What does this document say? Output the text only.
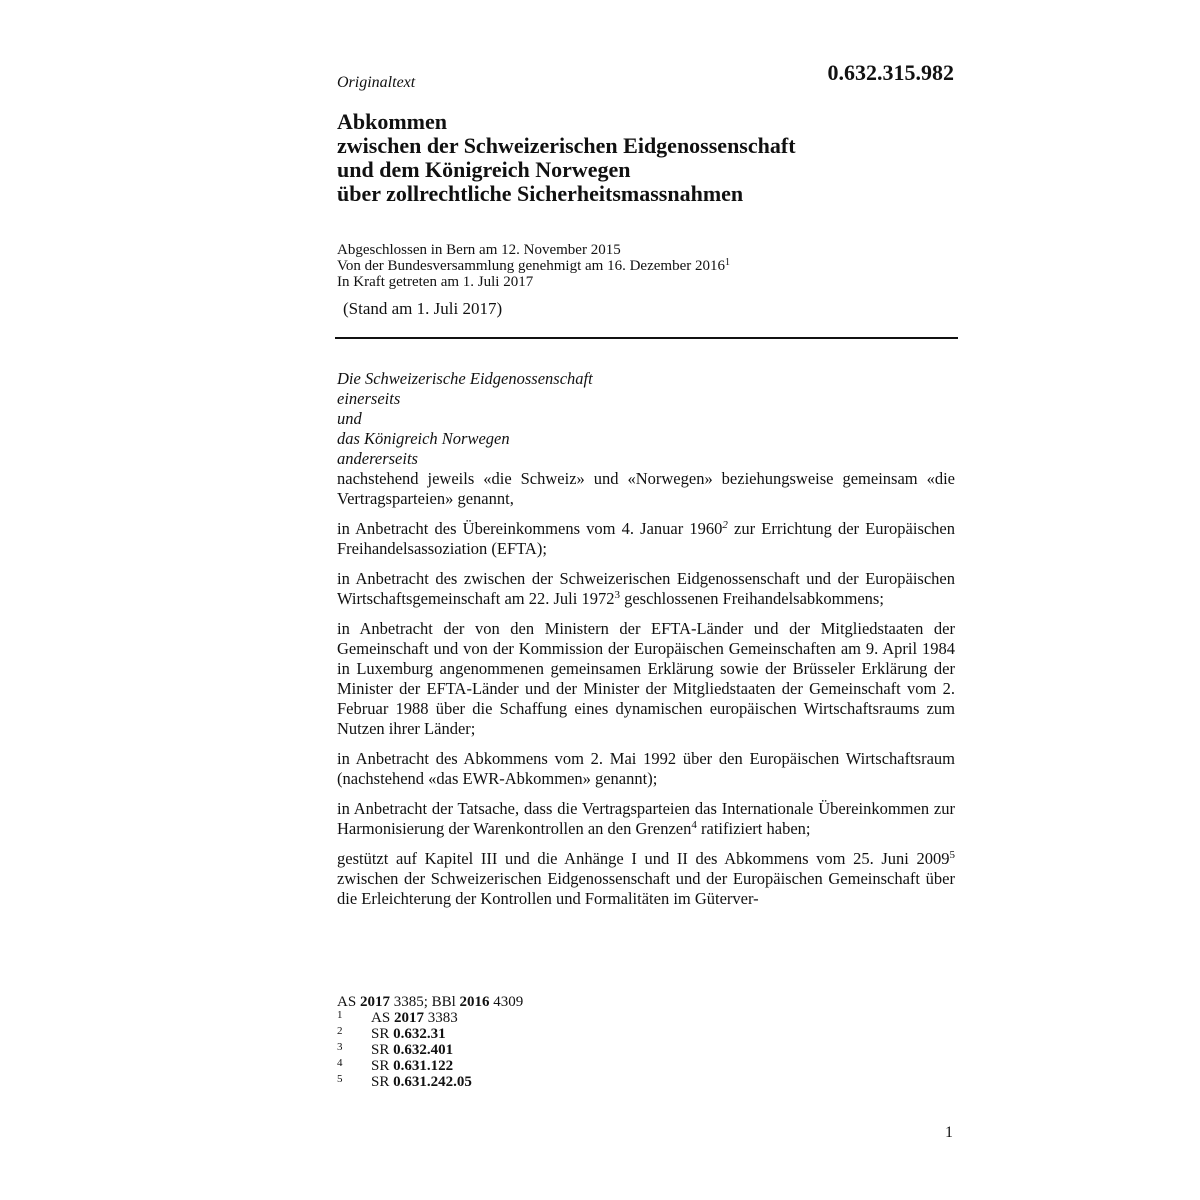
Originaltext	0.632.315.982
Abkommen
zwischen der Schweizerischen Eidgenossenschaft
und dem Königreich Norwegen
über zollrechtliche Sicherheitsmassnahmen
Abgeschlossen in Bern am 12. November 2015
Von der Bundesversammlung genehmigt am 16. Dezember 2016$^1$
In Kraft getreten am 1. Juli 2017
(Stand am 1. Juli 2017)
Die Schweizerische Eidgenossenschaft
einerseits
und
das Königreich Norwegen
andererseits

nachstehend jeweils «die Schweiz» und «Norwegen» beziehungsweise gemeinsam «die Vertragsparteien» genannt,

in Anbetracht des Übereinkommens vom 4. Januar 1960$^2$ zur Errichtung der Europäischen Freihandelsassoziation (EFTA);

in Anbetracht des zwischen der Schweizerischen Eidgenossenschaft und der Europäischen Wirtschaftsgemeinschaft am 22. Juli 1972$^3$ geschlossenen Freihandelsabkommens;

in Anbetracht der von den Ministern der EFTA-Länder und der Mitgliedstaaten der Gemeinschaft und von der Kommission der Europäischen Gemeinschaften am 9. April 1984 in Luxemburg angenommenen gemeinsamen Erklärung sowie der Brüsseler Erklärung der Minister der EFTA-Länder und der Minister der Mitgliedstaaten der Gemeinschaft vom 2. Februar 1988 über die Schaffung eines dynamischen europäischen Wirtschaftsraums zum Nutzen ihrer Länder;

in Anbetracht des Abkommens vom 2. Mai 1992 über den Europäischen Wirtschaftsraum (nachstehend «das EWR-Abkommen» genannt);

in Anbetracht der Tatsache, dass die Vertragsparteien das Internationale Übereinkommen zur Harmonisierung der Warenkontrollen an den Grenzen$^4$ ratifiziert haben;

gestützt auf Kapitel III und die Anhänge I und II des Abkommens vom 25. Juni 2009$^5$ zwischen der Schweizerischen Eidgenossenschaft und der Europäischen Gemeinschaft über die Erleichterung der Kontrollen und Formalitäten im Güterver-

AS 2017 3385; BBl 2016 4309
1	AS 2017 3383
2	SR 0.632.31
3	SR 0.632.401
4	SR 0.631.122
5	SR 0.631.242.05
1
